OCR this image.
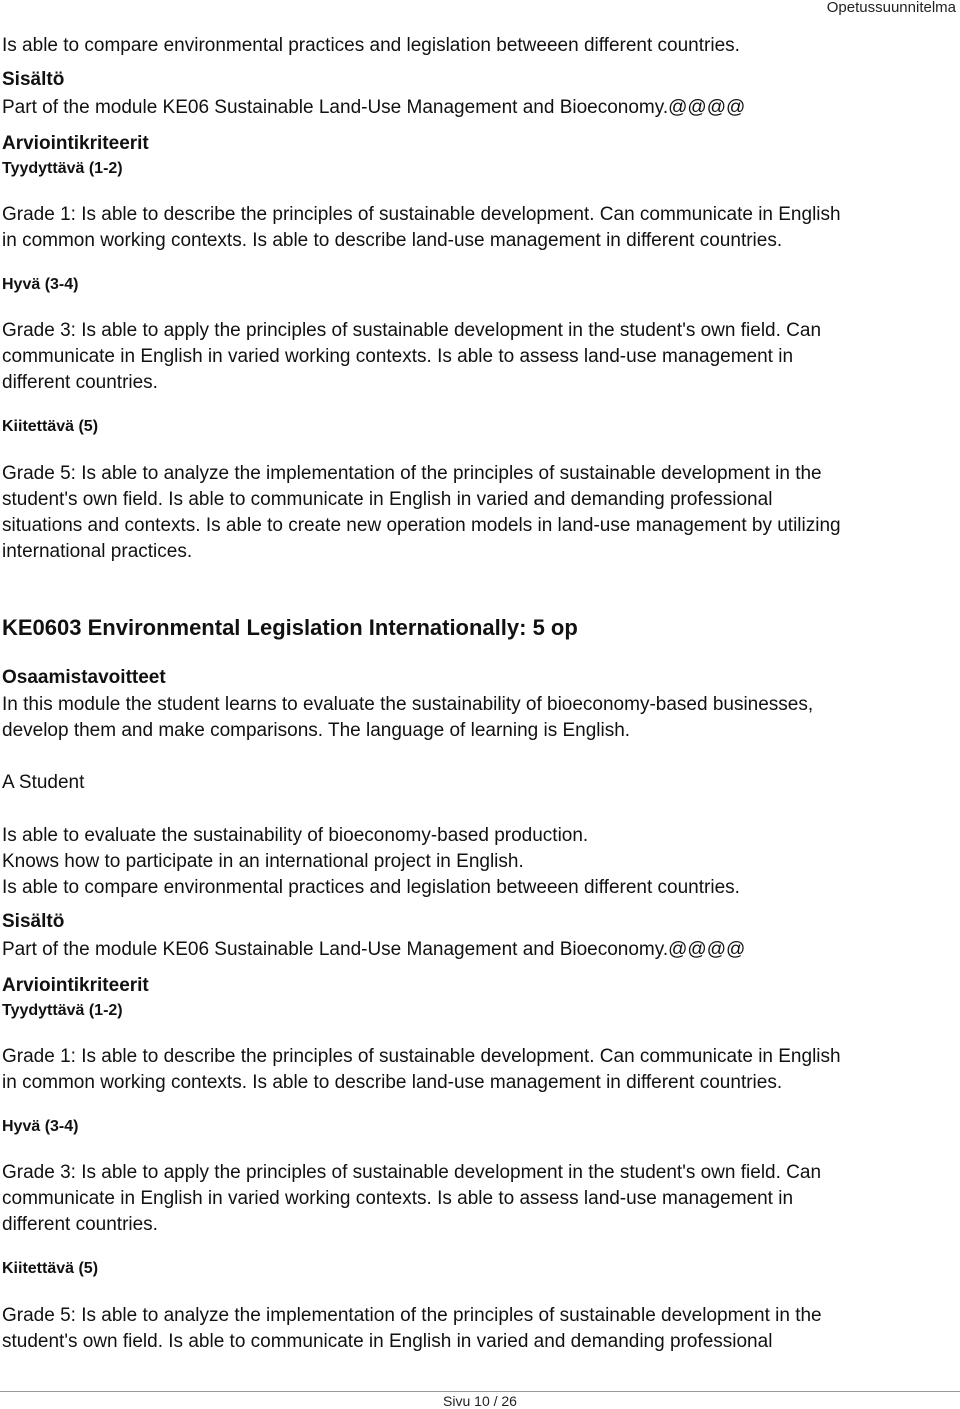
Opetussuunnitelma
Is able to compare environmental practices and legislation betweeen different countries.
Sisältö
Part of the module KE06 Sustainable Land-Use Management and Bioeconomy.@@@@
Arviointikriteerit
Tyydyttävä (1-2)
Grade 1: Is able to describe the principles of sustainable development. Can communicate in English
in common working contexts. Is able to describe land-use management in different countries.
Hyvä (3-4)
Grade 3: Is able to apply the principles of sustainable development in the student's own field. Can
communicate in English in varied working contexts. Is able to assess land-use management in
different countries.
Kiitettävä (5)
Grade 5: Is able to analyze the implementation of the principles of sustainable development in the
student's own field. Is able to communicate in English in varied and demanding professional
situations and contexts. Is able to create new operation models in land-use management by utilizing
international practices.
KE0603 Environmental Legislation Internationally: 5 op
Osaamistavoitteet
In this module the student learns to evaluate the sustainability of bioeconomy-based businesses,
develop them and make comparisons. The language of learning is English.
A Student
Is able to evaluate the sustainability of bioeconomy-based production.
Knows how to participate in an international project in English.
Is able to compare environmental practices and legislation betweeen different countries.
Sisältö
Part of the module KE06 Sustainable Land-Use Management and Bioeconomy.@@@@
Arviointikriteerit
Tyydyttävä (1-2)
Grade 1: Is able to describe the principles of sustainable development. Can communicate in English
in common working contexts. Is able to describe land-use management in different countries.
Hyvä (3-4)
Grade 3: Is able to apply the principles of sustainable development in the student's own field. Can
communicate in English in varied working contexts. Is able to assess land-use management in
different countries.
Kiitettävä (5)
Grade 5: Is able to analyze the implementation of the principles of sustainable development in the
student's own field. Is able to communicate in English in varied and demanding professional
Sivu 10 / 26
